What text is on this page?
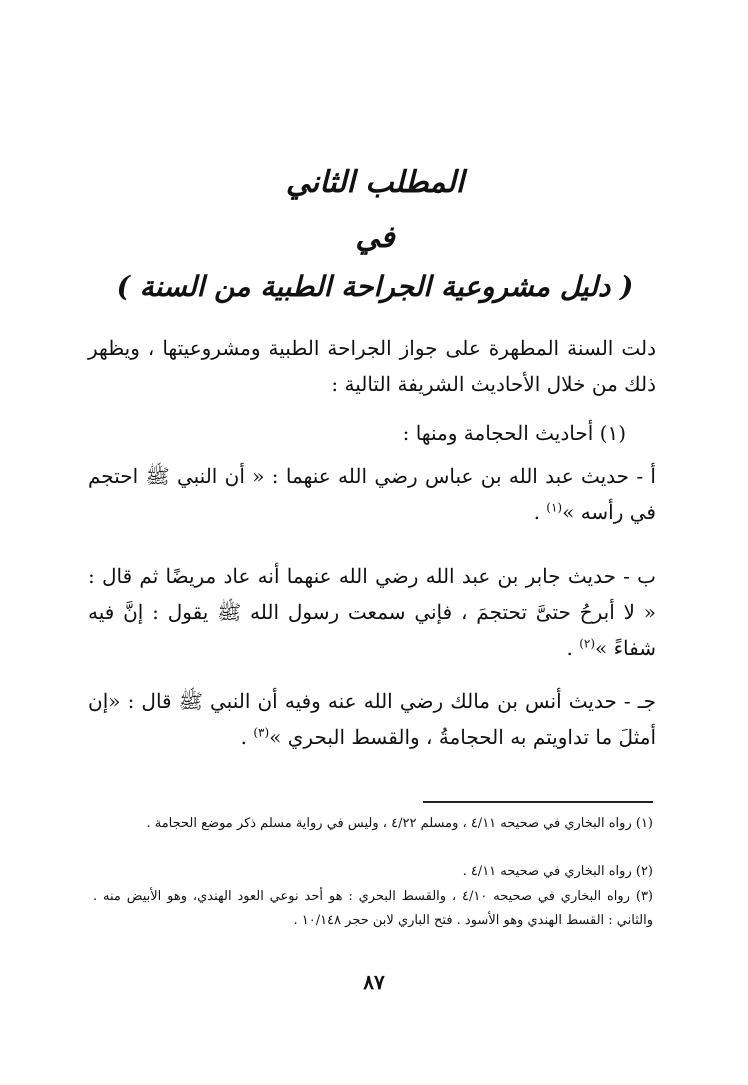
المطلب الثاني
في
( دليل مشروعية الجراحة الطبية من السنة )

دلت السنة المطهرة على جواز الجراحة الطبية ومشروعيتها ، ويظهر ذلك من خلال الأحاديث الشريفة التالية :

(١) أحاديث الحجامة ومنها :

أ - حديث عبد الله بن عباس رضي الله عنهما : « أن النبي ﷺ احتجم في رأسه »$^{(١)}$ .

ب - حديث جابر بن عبد الله رضي الله عنهما أنه عاد مريضًا ثم قال : « لا أبرحُ حتىَّ تحتجمَ ، فإني سمعت رسول الله ﷺ يقول : إنَّ فيه شفاءً »$^{(٢)}$ .

جـ - حديث أنس بن مالك رضي الله عنه وفيه أن النبي ﷺ قال : «إن أمثلَ ما تداويتم به الحجامةُ ، والقسط البحري »$^{(٣)}$ .

(١) رواه البخاري في صحيحه ٤/١١ ، ومسلم ٤/٢٢ ، وليس في رواية مسلم ذكر موضع الحجامة .

(٢) رواه البخاري في صحيحه ٤/١١ .

(٣) رواه البخاري في صحيحه ٤/١٠ ، والقسط البحري : هو أحد نوعي العود الهندي، وهو الأبيض منه . والثاني : القسط الهندي وهو الأسود . فتح الباري لابن حجر ١٠/١٤٨ .

٨٧
